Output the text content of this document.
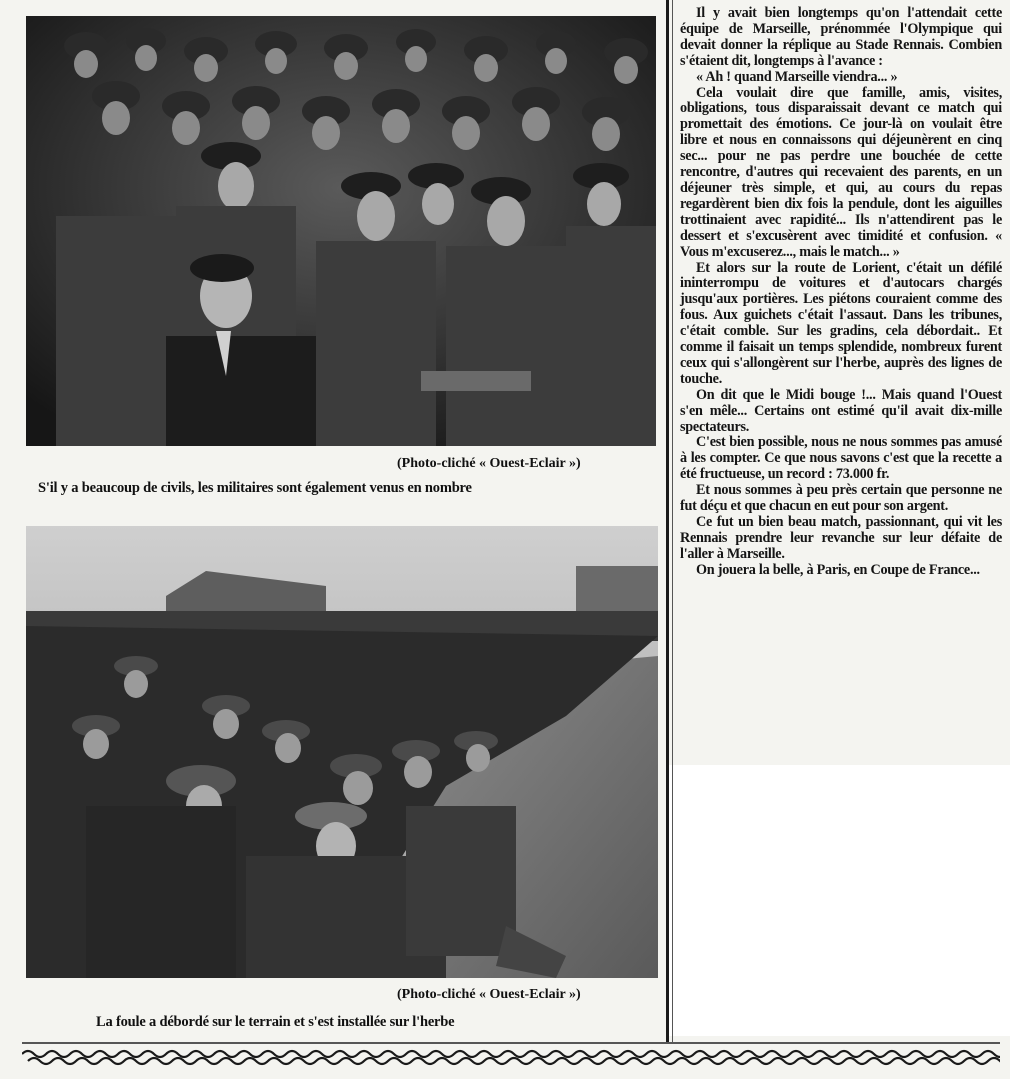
(Photo-cliché « Ouest-Eclair »)
S'il y a beaucoup de civils, les militaires sont également venus en nombre
(Photo-cliché « Ouest-Eclair »)
La foule a débordé sur le terrain et s'est installée sur l'herbe

Il y avait bien longtemps qu'on l'attendait cette équipe de Marseille, prénommée l'Olympique qui devait donner la réplique au Stade Rennais. Combien s'étaient dit, longtemps à l'avance :

« Ah ! quand Marseille viendra... »

Cela voulait dire que famille, amis, visites, obligations, tous disparaissait devant ce match qui promettait des émotions. Ce jour-là on voulait être libre et nous en connaissons qui déjeunèrent en cinq sec... pour ne pas perdre une bouchée de cette rencontre, d'autres qui recevaient des parents, en un déjeuner très simple, et qui, au cours du repas regardèrent bien dix fois la pendule, dont les aiguilles trottinaient avec rapidité... Ils n'attendirent pas le dessert et s'excusèrent avec timidité et confusion. « Vous m'excuserez..., mais le match... »

Et alors sur la route de Lorient, c'était un défilé ininterrompu de voitures et d'autocars chargés jusqu'aux portières. Les piétons couraient comme des fous. Aux guichets c'était l'assaut. Dans les tribunes, c'était comble. Sur les gradins, cela débordait.. Et comme il faisait un temps splendide, nombreux furent ceux qui s'allongèrent sur l'herbe, auprès des lignes de touche.

On dit que le Midi bouge !... Mais quand l'Ouest s'en mêle... Certains ont estimé qu'il avait dix-mille spectateurs.

C'est bien possible, nous ne nous sommes pas amusé à les compter. Ce que nous savons c'est que la recette a été fructueuse, un record : 73.000 fr.

Et nous sommes à peu près certain que personne ne fut déçu et que chacun en eut pour son argent.

Ce fut un bien beau match, passionnant, qui vit les Rennais prendre leur revanche sur leur défaite de l'aller à Marseille.

On jouera la belle, à Paris, en Coupe de France...
